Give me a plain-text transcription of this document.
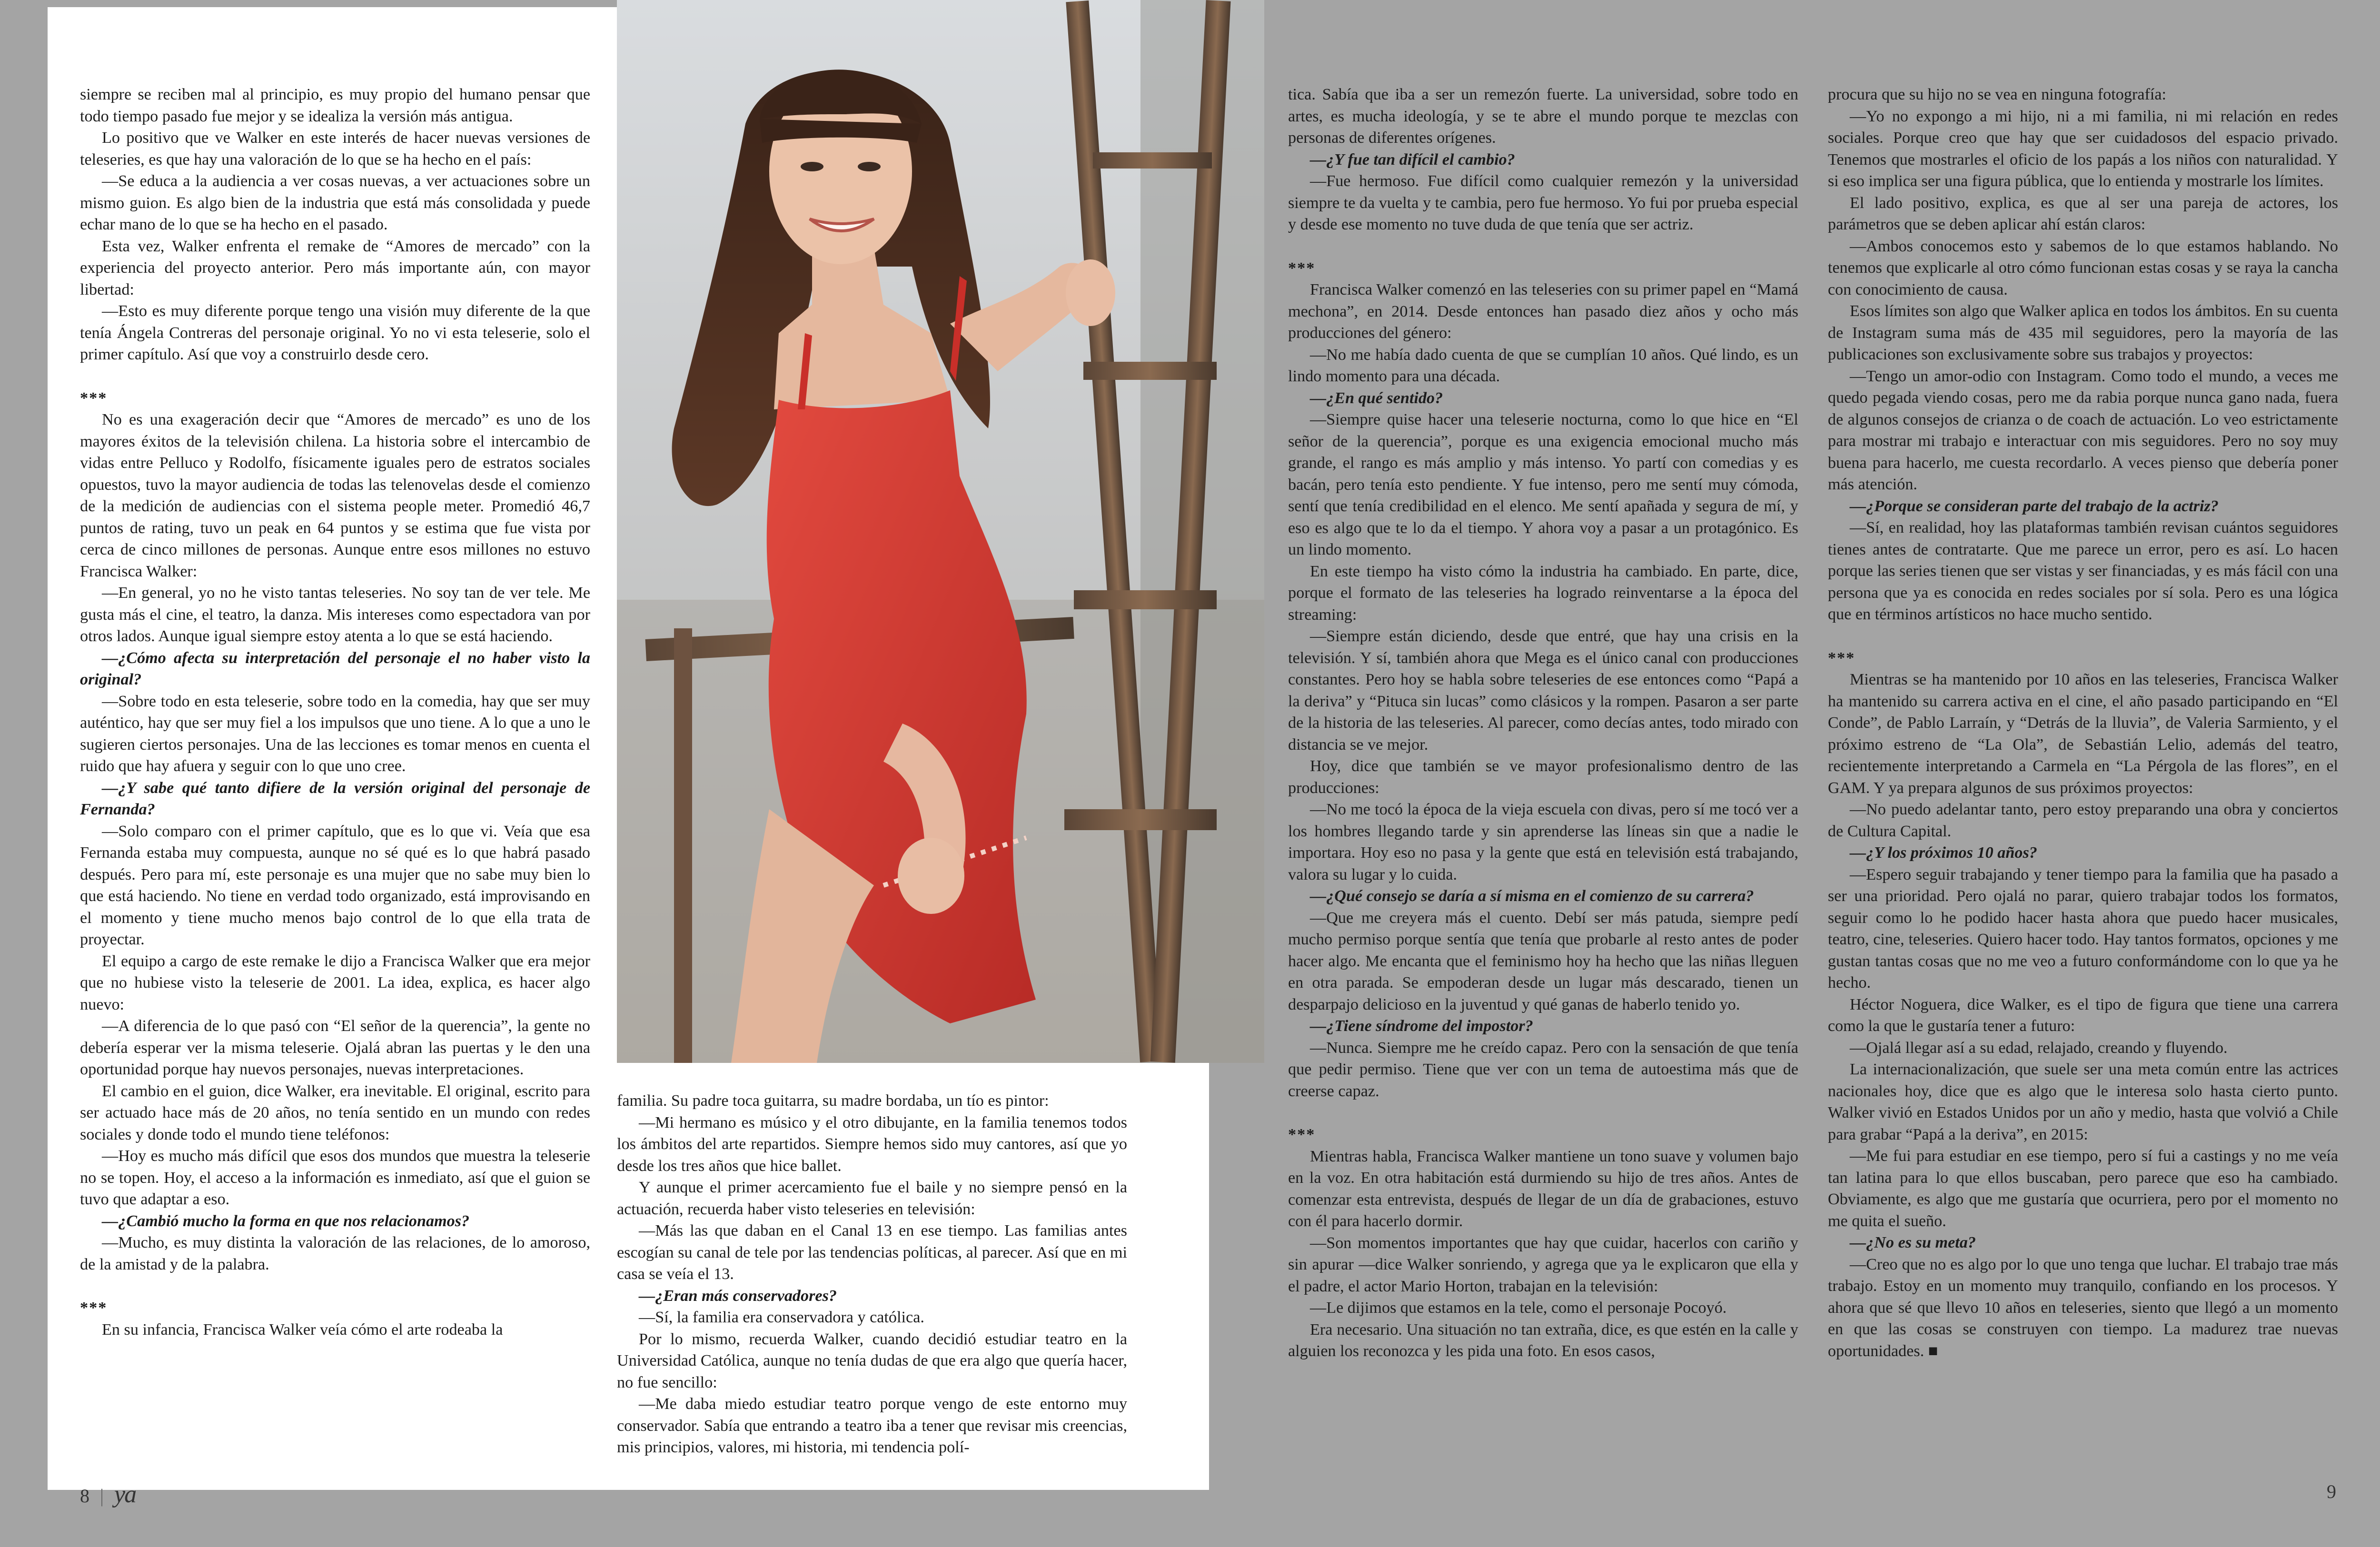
siempre se reciben mal al principio, es muy propio del humano pensar que todo tiempo pasado fue mejor y se idealiza la versión más antigua.

Lo positivo que ve Walker en este interés de hacer nuevas versiones de teleseries, es que hay una valoración de lo que se ha hecho en el país:

—Se educa a la audiencia a ver cosas nuevas, a ver actuaciones sobre un mismo guion. Es algo bien de la industria que está más consolidada y puede echar mano de lo que se ha hecho en el pasado.

Esta vez, Walker enfrenta el remake de “Amores de mercado” con la experiencia del proyecto anterior. Pero más importante aún, con mayor libertad:

—Esto es muy diferente porque tengo una visión muy diferente de la que tenía Ángela Contreras del personaje original. Yo no vi esta teleserie, solo el primer capítulo. Así que voy a construirlo desde cero.

***

No es una exageración decir que “Amores de mercado” es uno de los mayores éxitos de la televisión chilena. La historia sobre el intercambio de vidas entre Pelluco y Rodolfo, físicamente iguales pero de estratos sociales opuestos, tuvo la mayor audiencia de todas las telenovelas desde el comienzo de la medición de audiencias con el sistema people meter. Promedió 46,7 puntos de rating, tuvo un peak en 64 puntos y se estima que fue vista por cerca de cinco millones de personas. Aunque entre esos millones no estuvo Francisca Walker:

—En general, yo no he visto tantas teleseries. No soy tan de ver tele. Me gusta más el cine, el teatro, la danza. Mis intereses como espectadora van por otros lados. Aunque igual siempre estoy atenta a lo que se está haciendo.

—¿Cómo afecta su interpretación del personaje el no haber visto la original?

—Sobre todo en esta teleserie, sobre todo en la comedia, hay que ser muy auténtico, hay que ser muy fiel a los impulsos que uno tiene. A lo que a uno le sugieren ciertos personajes. Una de las lecciones es tomar menos en cuenta el ruido que hay afuera y seguir con lo que uno cree.

—¿Y sabe qué tanto difiere de la versión original del personaje de Fernanda?

—Solo comparo con el primer capítulo, que es lo que vi. Veía que esa Fernanda estaba muy compuesta, aunque no sé qué es lo que habrá pasado después. Pero para mí, este personaje es una mujer que no sabe muy bien lo que está haciendo. No tiene en verdad todo organizado, está improvisando en el momento y tiene mucho menos bajo control de lo que ella trata de proyectar.

El equipo a cargo de este remake le dijo a Francisca Walker que era mejor que no hubiese visto la teleserie de 2001. La idea, explica, es hacer algo nuevo:

—A diferencia de lo que pasó con “El señor de la querencia”, la gente no debería esperar ver la misma teleserie. Ojalá abran las puertas y le den una oportunidad porque hay nuevos personajes, nuevas interpretaciones.

El cambio en el guion, dice Walker, era inevitable. El original, escrito para ser actuado hace más de 20 años, no tenía sentido en un mundo con redes sociales y donde todo el mundo tiene teléfonos:

—Hoy es mucho más difícil que esos dos mundos que muestra la teleserie no se topen. Hoy, el acceso a la información es inmediato, así que el guion se tuvo que adaptar a eso.

—¿Cambió mucho la forma en que nos relacionamos?

—Mucho, es muy distinta la valoración de las relaciones, de lo amoroso, de la amistad y de la palabra.

***

En su infancia, Francisca Walker veía cómo el arte rodeaba la

familia. Su padre toca guitarra, su madre bordaba, un tío es pintor:

—Mi hermano es músico y el otro dibujante, en la familia tenemos todos los ámbitos del arte repartidos. Siempre hemos sido muy cantores, así que yo desde los tres años que hice ballet.

Y aunque el primer acercamiento fue el baile y no siempre pensó en la actuación, recuerda haber visto teleseries en televisión:

—Más las que daban en el Canal 13 en ese tiempo. Las familias antes escogían su canal de tele por las tendencias políticas, al parecer. Así que en mi casa se veía el 13.

—¿Eran más conservadores?

—Sí, la familia era conservadora y católica.

Por lo mismo, recuerda Walker, cuando decidió estudiar teatro en la Universidad Católica, aunque no tenía dudas de que era algo que quería hacer, no fue sencillo:

—Me daba miedo estudiar teatro porque vengo de este entorno muy conservador. Sabía que entrando a teatro iba a tener que revisar mis creencias, mis principios, valores, mi historia, mi tendencia polí-

tica. Sabía que iba a ser un remezón fuerte. La universidad, sobre todo en artes, es mucha ideología, y se te abre el mundo porque te mezclas con personas de diferentes orígenes.

—¿Y fue tan difícil el cambio?

—Fue hermoso. Fue difícil como cualquier remezón y la universidad siempre te da vuelta y te cambia, pero fue hermoso. Yo fui por prueba especial y desde ese momento no tuve duda de que tenía que ser actriz.

***

Francisca Walker comenzó en las teleseries con su primer papel en “Mamá mechona”, en 2014. Desde entonces han pasado diez años y ocho más producciones del género:

—No me había dado cuenta de que se cumplían 10 años. Qué lindo, es un lindo momento para una década.

—¿En qué sentido?

—Siempre quise hacer una teleserie nocturna, como lo que hice en “El señor de la querencia”, porque es una exigencia emocional mucho más grande, el rango es más amplio y más intenso. Yo partí con comedias y es bacán, pero tenía esto pendiente. Y fue intenso, pero me sentí muy cómoda, sentí que tenía credibilidad en el elenco. Me sentí apañada y segura de mí, y eso es algo que te lo da el tiempo. Y ahora voy a pasar a un protagónico. Es un lindo momento.

En este tiempo ha visto cómo la industria ha cambiado. En parte, dice, porque el formato de las teleseries ha logrado reinventarse a la época del streaming:

—Siempre están diciendo, desde que entré, que hay una crisis en la televisión. Y sí, también ahora que Mega es el único canal con producciones constantes. Pero hoy se habla sobre teleseries de ese entonces como “Papá a la deriva” y “Pituca sin lucas” como clásicos y la rompen. Pasaron a ser parte de la historia de las teleseries. Al parecer, como decías antes, todo mirado con distancia se ve mejor.

Hoy, dice que también se ve mayor profesionalismo dentro de las producciones:

—No me tocó la época de la vieja escuela con divas, pero sí me tocó ver a los hombres llegando tarde y sin aprenderse las líneas sin que a nadie le importara. Hoy eso no pasa y la gente que está en televisión está trabajando, valora su lugar y lo cuida.

—¿Qué consejo se daría a sí misma en el comienzo de su carrera?

—Que me creyera más el cuento. Debí ser más patuda, siempre pedí mucho permiso porque sentía que tenía que probarle al resto antes de poder hacer algo. Me encanta que el feminismo hoy ha hecho que las niñas lleguen en otra parada. Se empoderan desde un lugar más descarado, tienen un desparpajo delicioso en la juventud y qué ganas de haberlo tenido yo.

—¿Tiene síndrome del impostor?

—Nunca. Siempre me he creído capaz. Pero con la sensación de que tenía que pedir permiso. Tiene que ver con un tema de autoestima más que de creerse capaz.

***

Mientras habla, Francisca Walker mantiene un tono suave y volumen bajo en la voz. En otra habitación está durmiendo su hijo de tres años. Antes de comenzar esta entrevista, después de llegar de un día de grabaciones, estuvo con él para hacerlo dormir.

—Son momentos importantes que hay que cuidar, hacerlos con cariño y sin apurar —dice Walker sonriendo, y agrega que ya le explicaron que ella y el padre, el actor Mario Horton, trabajan en la televisión:

—Le dijimos que estamos en la tele, como el personaje Pocoyó.

Era necesario. Una situación no tan extraña, dice, es que estén en la calle y alguien los reconozca y les pida una foto. En esos casos,

procura que su hijo no se vea en ninguna fotografía:

—Yo no expongo a mi hijo, ni a mi familia, ni mi relación en redes sociales. Porque creo que hay que ser cuidadosos del espacio privado. Tenemos que mostrarles el oficio de los papás a los niños con naturalidad. Y si eso implica ser una figura pública, que lo entienda y mostrarle los límites.

El lado positivo, explica, es que al ser una pareja de actores, los parámetros que se deben aplicar ahí están claros:

—Ambos conocemos esto y sabemos de lo que estamos hablando. No tenemos que explicarle al otro cómo funcionan estas cosas y se raya la cancha con conocimiento de causa.

Esos límites son algo que Walker aplica en todos los ámbitos. En su cuenta de Instagram suma más de 435 mil seguidores, pero la mayoría de las publicaciones son exclusivamente sobre sus trabajos y proyectos:

—Tengo un amor-odio con Instagram. Como todo el mundo, a veces me quedo pegada viendo cosas, pero me da rabia porque nunca gano nada, fuera de algunos consejos de crianza o de coach de actuación. Lo veo estrictamente para mostrar mi trabajo e interactuar con mis seguidores. Pero no soy muy buena para hacerlo, me cuesta recordarlo. A veces pienso que debería poner más atención.

—¿Porque se consideran parte del trabajo de la actriz?

—Sí, en realidad, hoy las plataformas también revisan cuántos seguidores tienes antes de contratarte. Que me parece un error, pero es así. Lo hacen porque las series tienen que ser vistas y ser financiadas, y es más fácil con una persona que ya es conocida en redes sociales por sí sola. Pero es una lógica que en términos artísticos no hace mucho sentido.

***

Mientras se ha mantenido por 10 años en las teleseries, Francisca Walker ha mantenido su carrera activa en el cine, el año pasado participando en “El Conde”, de Pablo Larraín, y “Detrás de la lluvia”, de Valeria Sarmiento, y el próximo estreno de “La Ola”, de Sebastián Lelio, además del teatro, recientemente interpretando a Carmela en “La Pérgola de las flores”, en el GAM. Y ya prepara algunos de sus próximos proyectos:

—No puedo adelantar tanto, pero estoy preparando una obra y conciertos de Cultura Capital.

—¿Y los próximos 10 años?

—Espero seguir trabajando y tener tiempo para la familia que ha pasado a ser una prioridad. Pero ojalá no parar, quiero trabajar todos los formatos, seguir como lo he podido hacer hasta ahora que puedo hacer musicales, teatro, cine, teleseries. Quiero hacer todo. Hay tantos formatos, opciones y me gustan tantas cosas que no me veo a futuro conformándome con lo que ya he hecho.

Héctor Noguera, dice Walker, es el tipo de figura que tiene una carrera como la que le gustaría tener a futuro:

—Ojalá llegar así a su edad, relajado, creando y fluyendo.

La internacionalización, que suele ser una meta común entre las actrices nacionales hoy, dice que es algo que le interesa solo hasta cierto punto. Walker vivió en Estados Unidos por un año y medio, hasta que volvió a Chile para grabar “Papá a la deriva”, en 2015:

—Me fui para estudiar en ese tiempo, pero sí fui a castings y no me veía tan latina para lo que ellos buscaban, pero parece que eso ha cambiado. Obviamente, es algo que me gustaría que ocurriera, pero por el momento no me quita el sueño.

—¿No es su meta?

—Creo que no es algo por lo que uno tenga que luchar. El trabajo trae más trabajo. Estoy en un momento muy tranquilo, confiando en los procesos. Y ahora que sé que llevo 10 años en teleseries, siento que llegó a un momento en que las cosas se construyen con tiempo. La madurez trae nuevas oportunidades. ■

8 | ya	9
